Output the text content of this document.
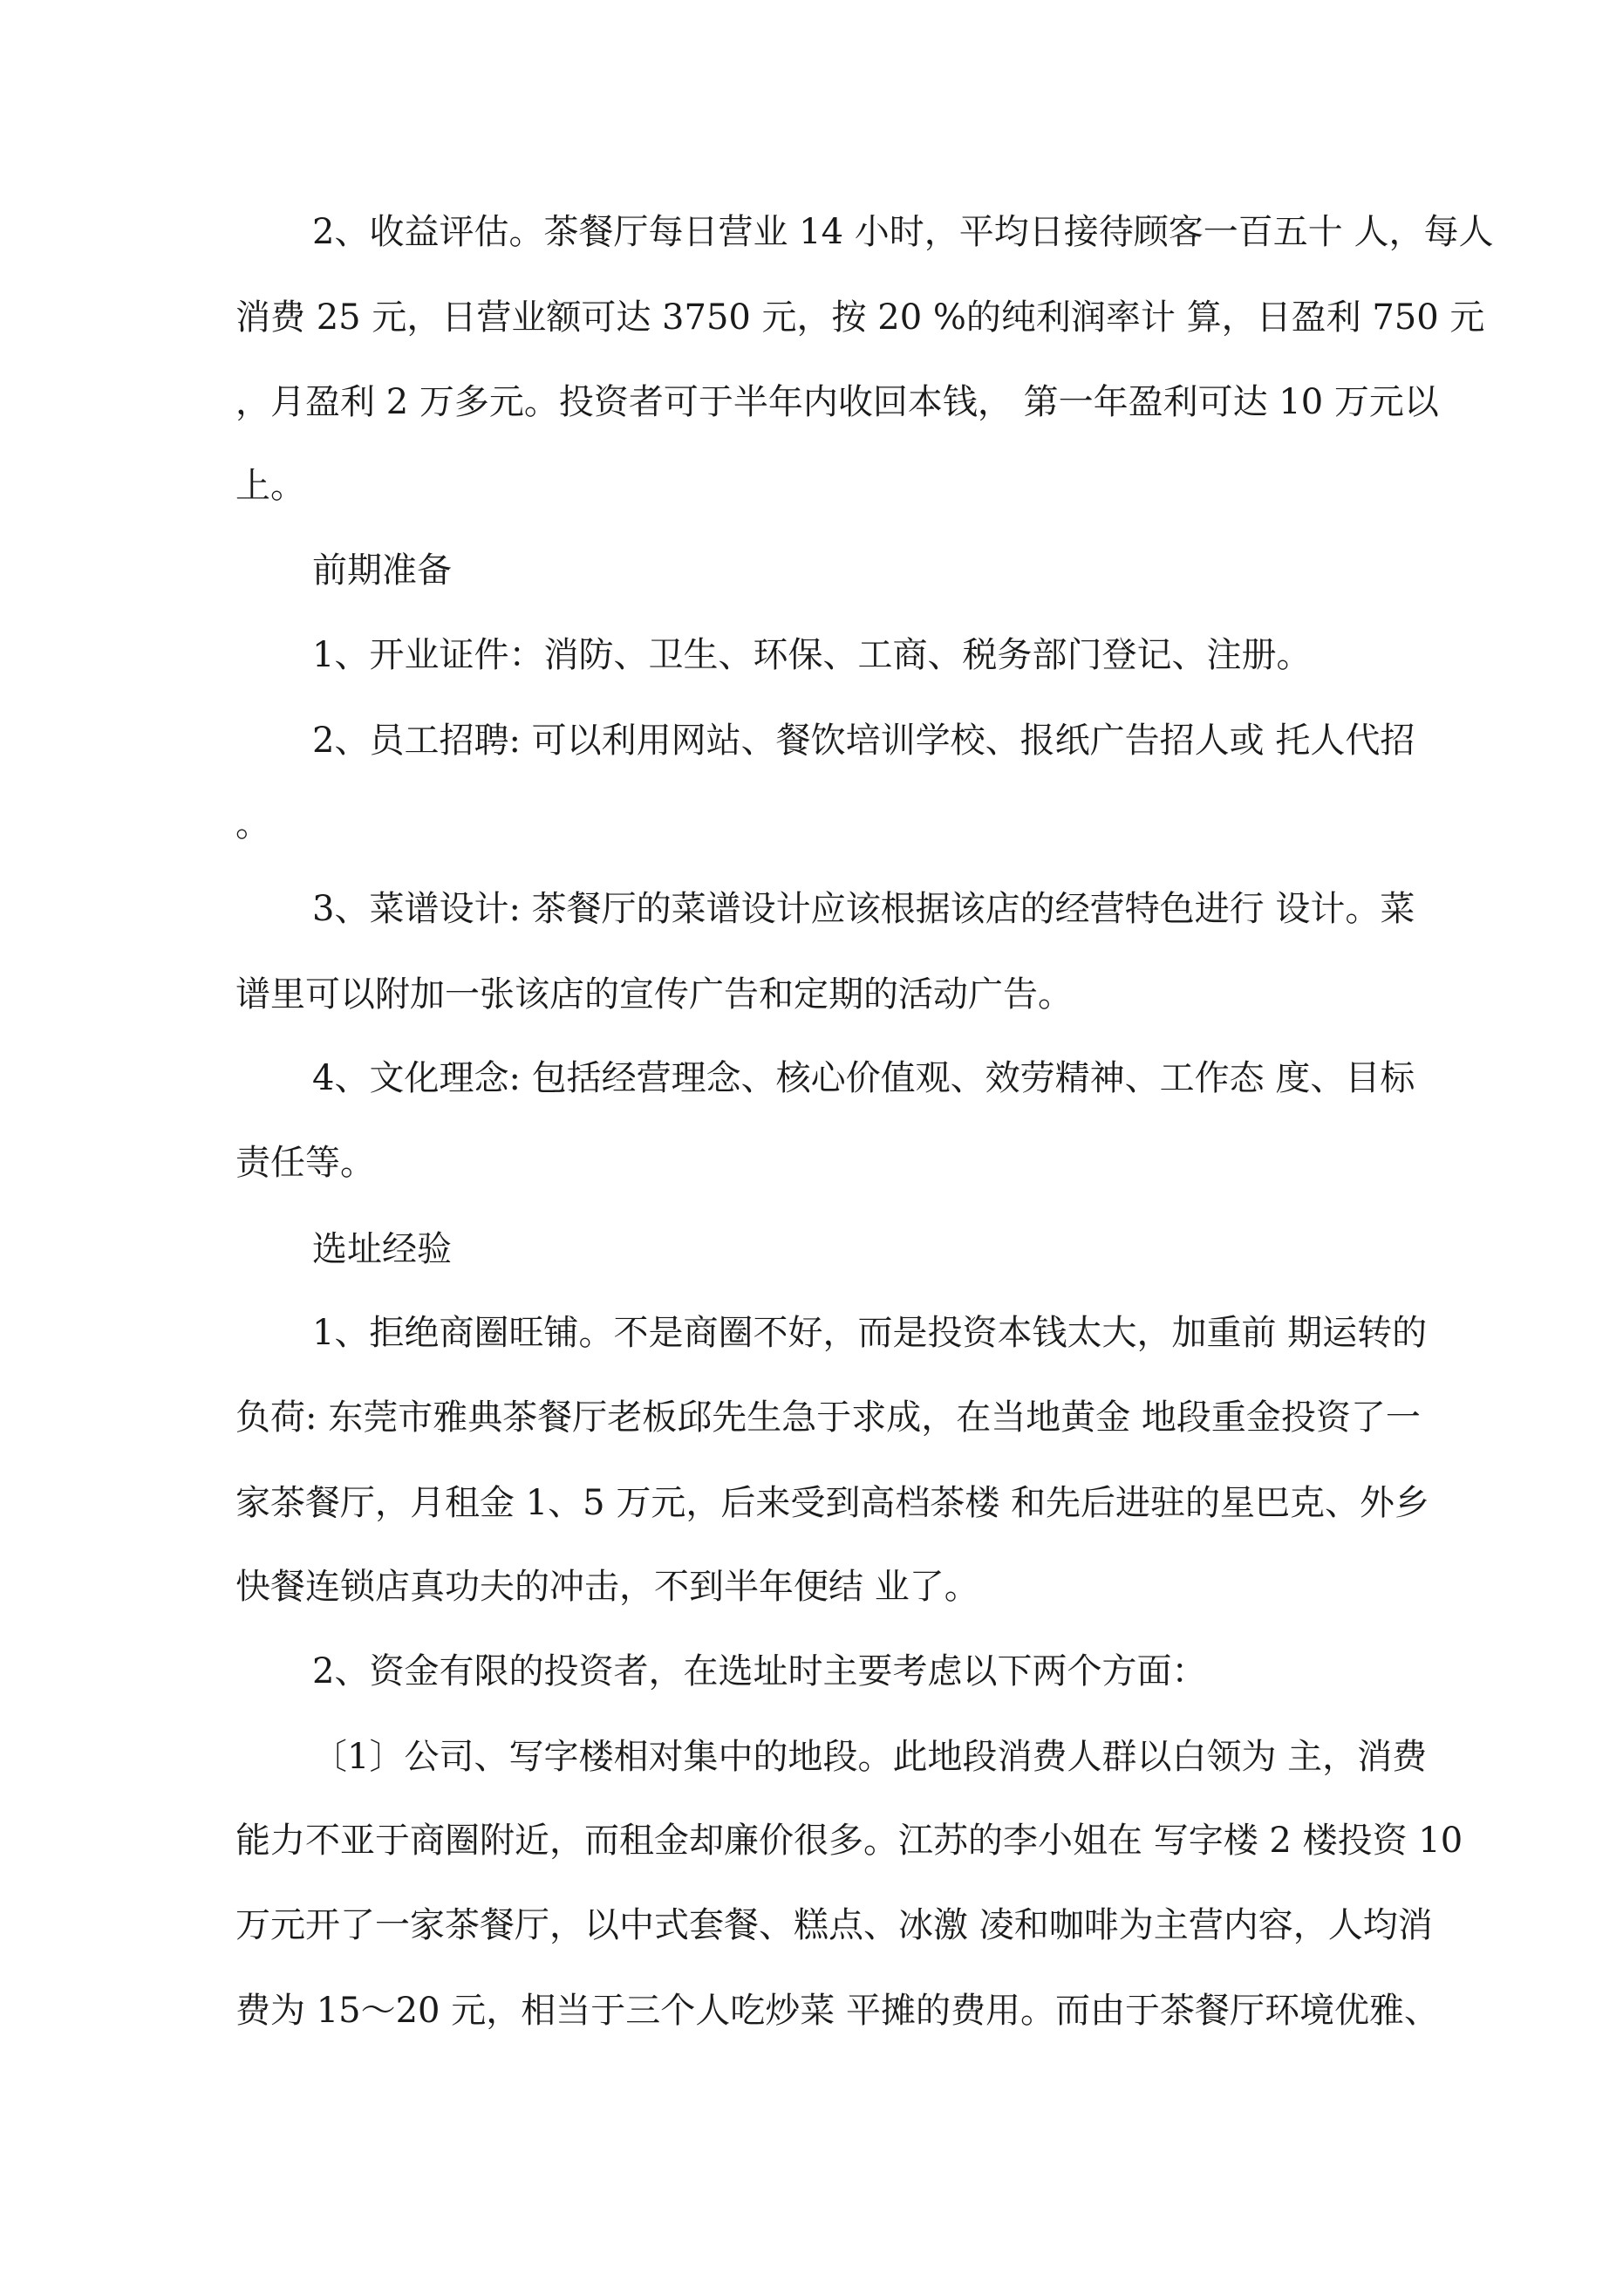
2、收益评估。茶餐厅每日营业 14 小时，平均日接待顾客一百五十 人，每人
消费 25 元，日营业额可达 3750 元，按 20 %的纯利润率计 算，日盈利 750 元
，月盈利 2 万多元。投资者可于半年内收回本钱， 第一年盈利可达 10 万元以
上。
前期准备
1、开业证件：消防、卫生、环保、工商、税务部门登记、注册。
2、员工招聘: 可以利用网站、餐饮培训学校、报纸广告招人或 托人代招
。
3、菜谱设计: 茶餐厅的菜谱设计应该根据该店的经营特色进行 设计。菜
谱里可以附加一张该店的宣传广告和定期的活动广告。
4、文化理念: 包括经营理念、核心价值观、效劳精神、工作态 度、目标
责任等。
选址经验
1、拒绝商圈旺铺。不是商圈不好，而是投资本钱太大，加重前 期运转的
负荷: 东莞市雅典茶餐厅老板邱先生急于求成，在当地黄金 地段重金投资了一
家茶餐厅，月租金 1、5 万元，后来受到高档茶楼 和先后进驻的星巴克、外乡
快餐连锁店真功夫的冲击，不到半年便结 业了。
2、资金有限的投资者，在选址时主要考虑以下两个方面：
〔1〕公司、写字楼相对集中的地段。此地段消费人群以白领为 主，消费
能力不亚于商圈附近，而租金却廉价很多。江苏的李小姐在 写字楼 2 楼投资 10
万元开了一家茶餐厅，以中式套餐、糕点、冰激 凌和咖啡为主营内容，人均消
费为 15〜20 元，相当于三个人吃炒菜 平摊的费用。而由于茶餐厅环境优雅、
